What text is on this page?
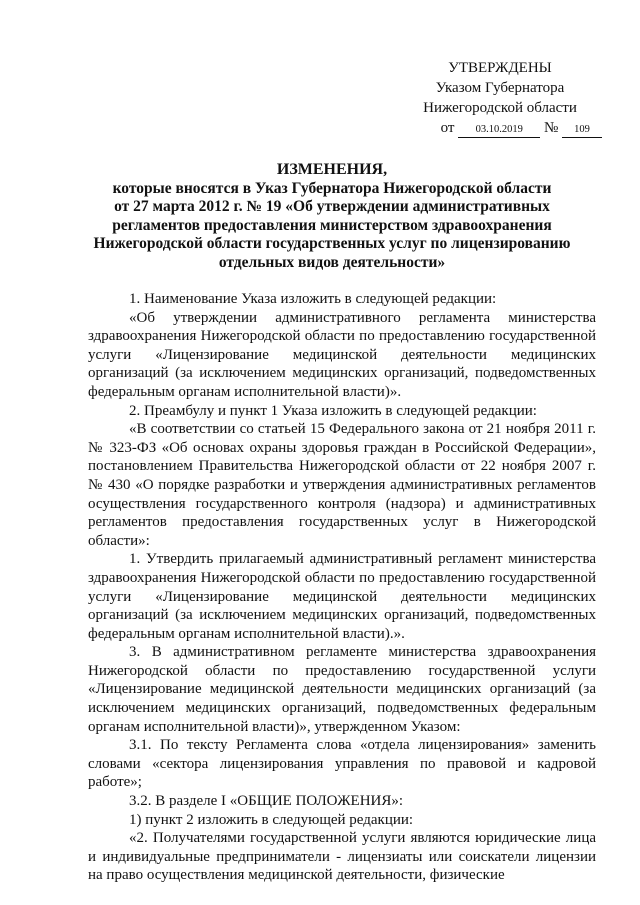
УТВЕРЖДЕНЫ
Указом Губернатора
Нижегородской области
от 03.10.2019 № 109
ИЗМЕНЕНИЯ,
которые вносятся в Указ Губернатора Нижегородской области
от 27 марта 2012 г. № 19 «Об утверждении административных
регламентов предоставления министерством здравоохранения
Нижегородской области государственных услуг по лицензированию
отдельных видов деятельности»

1. Наименование Указа изложить в следующей редакции:

«Об утверждении административного регламента министерства здравоохранения Нижегородской области по предоставлению государственной услуги «Лицензирование медицинской деятельности медицинских организаций (за исключением медицинских организаций, подведомственных федеральным органам исполнительной власти)».

2. Преамбулу и пункт 1 Указа изложить в следующей редакции:

«В соответствии со статьей 15 Федерального закона от 21 ноября 2011 г. № 323-ФЗ «Об основах охраны здоровья граждан в Российской Федерации», постановлением Правительства Нижегородской области от 22 ноября 2007 г. № 430 «О порядке разработки и утверждения административных регламентов осуществления государственного контроля (надзора) и административных регламентов предоставления государственных услуг в Нижегородской области»:

1. Утвердить прилагаемый административный регламент министерства здравоохранения Нижегородской области по предоставлению государственной услуги «Лицензирование медицинской деятельности медицинских организаций (за исключением медицинских организаций, подведомственных федеральным органам исполнительной власти).».

3. В административном регламенте министерства здравоохранения Нижегородской области по предоставлению государственной услуги «Лицензирование медицинской деятельности медицинских организаций (за исключением медицинских организаций, подведомственных федеральным органам исполнительной власти)», утвержденном Указом:

3.1. По тексту Регламента слова «отдела лицензирования» заменить словами «сектора лицензирования управления по правовой и кадровой работе»;

3.2. В разделе I «ОБЩИЕ ПОЛОЖЕНИЯ»:

1) пункт 2 изложить в следующей редакции:

«2. Получателями государственной услуги являются юридические лица и индивидуальные предприниматели - лицензиаты или соискатели лицензии на право осуществления медицинской деятельности, физические
